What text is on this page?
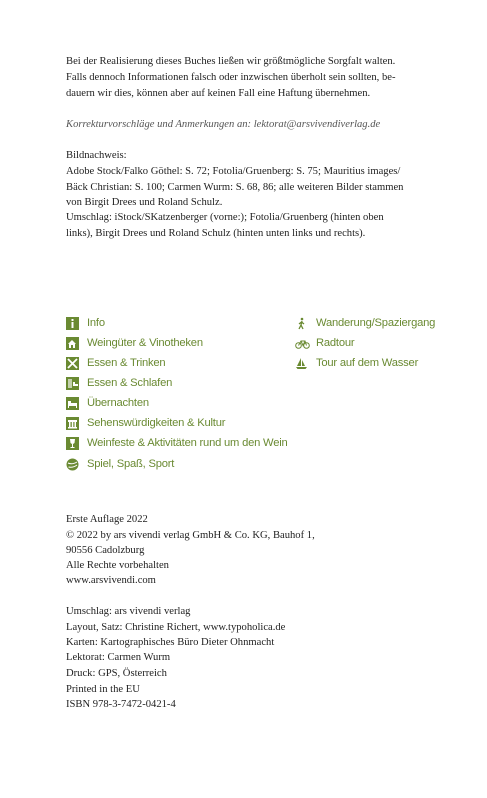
Bei der Realisierung dieses Buches ließen wir größtmögliche Sorgfalt walten.
Falls dennoch Informationen falsch oder inzwischen überholt sein sollten, be-
dauern wir dies, können aber auf keinen Fall eine Haftung übernehmen.
Korrekturvorschläge und Anmerkungen an: lektorat@arsvivendiverlag.de
Bildnachweis:
Adobe Stock/Falko Göthel: S. 72; Fotolia/Gruenberg: S. 75; Mauritius images/
Bäck Christian: S. 100; Carmen Wurm: S. 68, 86; alle weiteren Bilder stammen
von Birgit Drees und Roland Schulz.
Umschlag: iStock/SKatzenberger (vorne:); Fotolia/Gruenberg (hinten oben
links), Birgit Drees und Roland Schulz (hinten unten links und rechts).
Info
Weingüter & Vinotheken
Essen & Trinken
Essen & Schlafen
Übernachten
Sehenswürdigkeiten & Kultur
Weinfeste & Aktivitäten rund um den Wein
Spiel, Spaß, Sport
Wanderung/Spaziergang
Radtour
Tour auf dem Wasser
Erste Auflage 2022
© 2022 by ars vivendi verlag GmbH & Co. KG, Bauhof 1,
90556 Cadolzburg
Alle Rechte vorbehalten
www.arsvivendi.com
Umschlag: ars vivendi verlag
Layout, Satz: Christine Richert, www.typoholica.de
Karten: Kartographisches Büro Dieter Ohnmacht
Lektorat: Carmen Wurm
Druck: GPS, Österreich
Printed in the EU
ISBN 978-3-7472-0421-4
